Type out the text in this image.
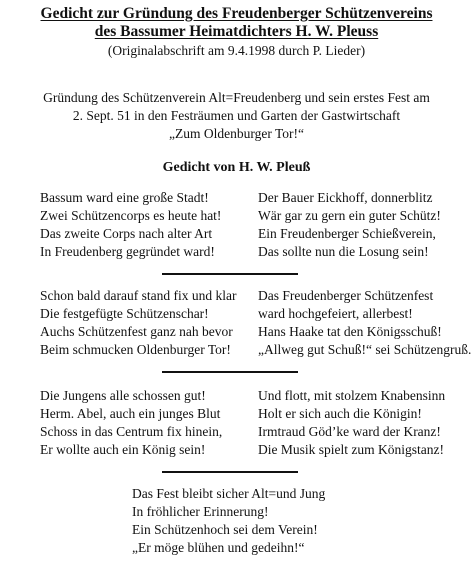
Gedicht zur Gründung des Freudenberger Schützenvereins
des Bassumer Heimatdichters H. W. Pleuss
(Originalabschrift am 9.4.1998 durch P. Lieder)
Gründung des Schützenverein Alt=Freudenberg und sein erstes Fest am
2. Sept. 51 in den Festräumen und Garten der Gastwirtschaft
„Zum Oldenburger Tor!“
Gedicht von H. W. Pleuß
Bassum ward eine große Stadt!
Zwei Schützencorps es heute hat!
Das zweite Corps nach alter Art
In Freudenberg gegründet ward!
Der Bauer Eickhoff, donnerblitz
Wär gar zu gern ein guter Schütz!
Ein Freudenberger Schießverein,
Das sollte nun die Losung sein!
Schon bald darauf stand fix und klar
Die festgefügte Schützenschar!
Auchs Schützenfest ganz nah bevor
Beim schmucken Oldenburger Tor!
Das Freudenberger Schützenfest
ward hochgefeiert, allerbest!
Hans Haake tat den Königsschuß!
„Allweg gut Schuß!“ sei Schützengruß.
Die Jungens alle schossen gut!
Herm. Abel, auch ein junges Blut
Schoss in das Centrum fix hinein,
Er wollte auch ein König sein!
Und flott, mit stolzem Knabensinn
Holt er sich auch die Königin!
Irmtraud Göd’ke ward der Kranz!
Die Musik spielt zum Königstanz!
Das Fest bleibt sicher Alt=und Jung
In fröhlicher Erinnerung!
Ein Schützenhoch sei dem Verein!
„Er möge blühen und gedeihn!“
